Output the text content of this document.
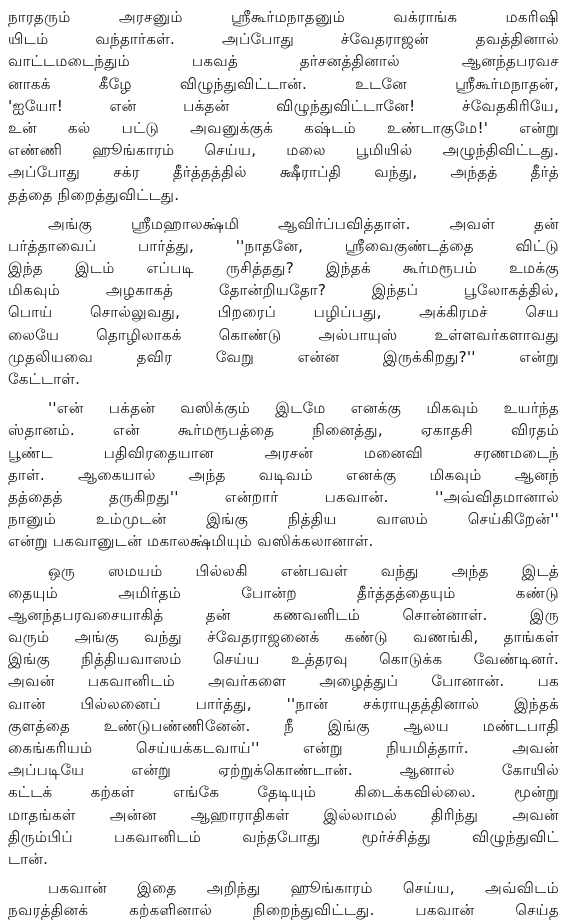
நாரதரும் அரசனும் ஸ்ரீகூர்மநாதனும் வக்ராங்க மகரிஷி
யிடம் வந்தார்கள். அப்போது ச்வேதராஜன் தவத்தினால்
வாட்டமடைந்தும் பகவத் தர்சனத்தினால் ஆனந்தபரவச
னாகக் கீழே விழுந்துவிட்டான். உடனே ஸ்ரீகூர்மநாதன்,
'ஐயோ! என் பக்தன் விழுந்துவிட்டானே! ச்வேதகிரியே,
உன் கல் பட்டு அவனுக்குக் கஷ்டம் உண்டாகுமே!' என்று
எண்ணி ஹூங்காரம் செய்ய, மலை பூமியில் அழுந்திவிட்டது.
அப்போது சக்ர தீர்த்தத்தில் க்ஷீராப்தி வந்து, அந்தத் தீர்த்
தத்தை நிறைத்துவிட்டது.
அங்கு ஸ்ரீமஹாலக்ஷ்மி ஆவிர்ப்பவித்தாள். அவள் தன்
பர்த்தாவைப் பார்த்து, ''நாதனே, ஸ்ரீவைகுண்டத்தை விட்டு
இந்த இடம் எப்படி ருசித்தது? இந்தக் கூர்மரூபம் உமக்கு
மிகவும் அழகாகத் தோன்றியதோ? இந்தப் பூலோகத்தில்,
பொய் சொல்லுவது, பிறரைப் பழிப்பது, அக்கிரமச் செய
லையே தொழிலாகக் கொண்டு அல்பாயுஸ் உள்ளவர்களாவது
முதலியவை தவிர வேறு என்ன இருக்கிறது?'' என்று
கேட்டாள்.
''என் பக்தன் வஸிக்கும் இடமே எனக்கு மிகவும் உயர்ந்த
ஸ்தானம். என் கூர்மரூபத்தை நினைத்து, ஏகாதசி விரதம்
பூண்ட பதிவிரதையான அரசன் மனைவி சரணமடைந்
தாள். ஆகையால் அந்த வடிவம் எனக்கு மிகவும் ஆனந்
தத்தைத் தருகிறது'' என்றார் பகவான். ''அவ்விதமானால்
நானும் உம்முடன் இங்கு நித்திய வாஸம் செய்கிறேன்''
என்று பகவானுடன் மகாலக்ஷ்மியும் வஸிக்கலானாள்.
ஒரு ஸமயம் பில்லகி என்பவள் வந்து அந்த இடத்
தையும் அமிர்தம் போன்ற தீர்த்தத்தையும் கண்டு
ஆனந்தபரவசையாகித் தன் கணவனிடம் சொன்னாள். இரு
வரும் அங்கு வந்து ச்வேதராஜனைக் கண்டு வணங்கி, தாங்கள்
இங்கு நித்தியவாஸம் செய்ய உத்தரவு கொடுக்க வேண்டினர்.
அவன் பகவானிடம் அவர்களை அழைத்துப் போனான். பக
வான் பில்லனைப் பார்த்து, ''நான் சக்ராயுதத்தினால் இந்தக்
குளத்தை உண்டுபண்ணினேன். நீ இங்கு ஆலய மண்டபாதி
கைங்கரியம் செய்யக்கடவாய்'' என்று நியமித்தார். அவன்
அப்படியே என்று ஏற்றுக்கொண்டான். ஆனால் கோயில்
கட்டக் கற்கள் எங்கே தேடியும் கிடைக்கவில்லை. மூன்று
மாதங்கள் அன்ன ஆஹாராதிகள் இல்லாமல் திரிந்து அவன்
திரும்பிப் பகவானிடம் வந்தபோது மூர்ச்சித்து விழுந்துவிட்
டான்.
பகவான் இதை அறிந்து ஹூங்காரம் செய்ய, அவ்விடம்
நவரத்தினக் கற்களினால் நிறைந்துவிட்டது. பகவான் செய்த
